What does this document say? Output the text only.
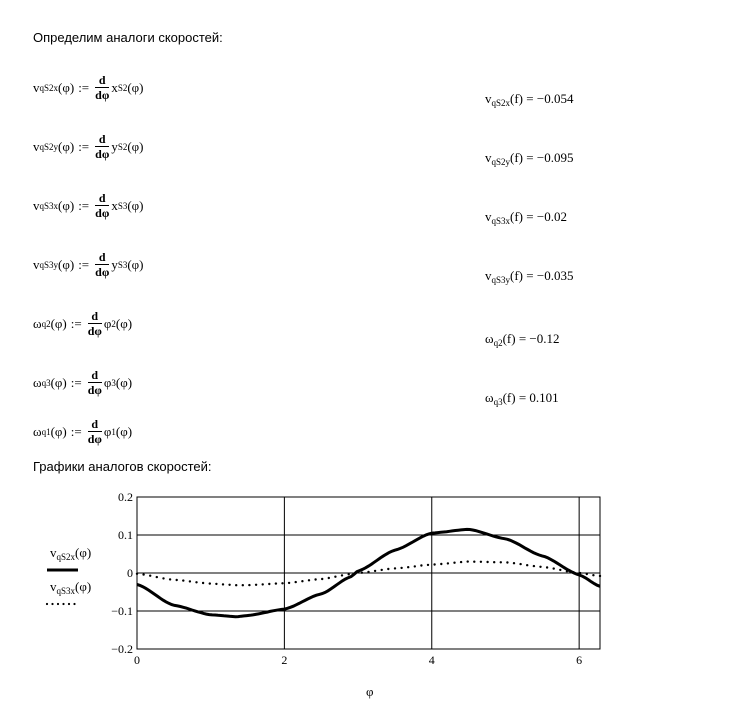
Определим аналоги скоростей:
v qS2x (φ) := $\frac{d}{d\varphi}$ x S2 (φ)
v qS2y (φ) := $\frac{d}{d\varphi}$ y S2 (φ)
v qS3x (φ) := $\frac{d}{d\varphi}$ x S3 (φ)
v qS3y (φ) := $\frac{d}{d\varphi}$ y S3 (φ)
ω q2 (φ) := $\frac{d}{d\varphi}$ φ 2 (φ)
ω q3 (φ) := $\frac{d}{d\varphi}$ φ 3 (φ)
ω q1 (φ) := $\frac{d}{d\varphi}$ φ 1 (φ)
$v_{qS2x}(f) = -0.054$
$v_{qS2y}(f) = -0.095$
$v_{qS3x}(f) = -0.02$
$v_{qS3y}(f) = -0.035$
$\omega_{q2}(f) = -0.12$
$\omega_{q3}(f) = 0.101$
Графики аналогов скоростей:
$v_{qS2x}(\varphi)$
$v_{qS3x}(\varphi)$
0.2
0.1
0
−0.1
−0.2
0	2	4	6
φ
